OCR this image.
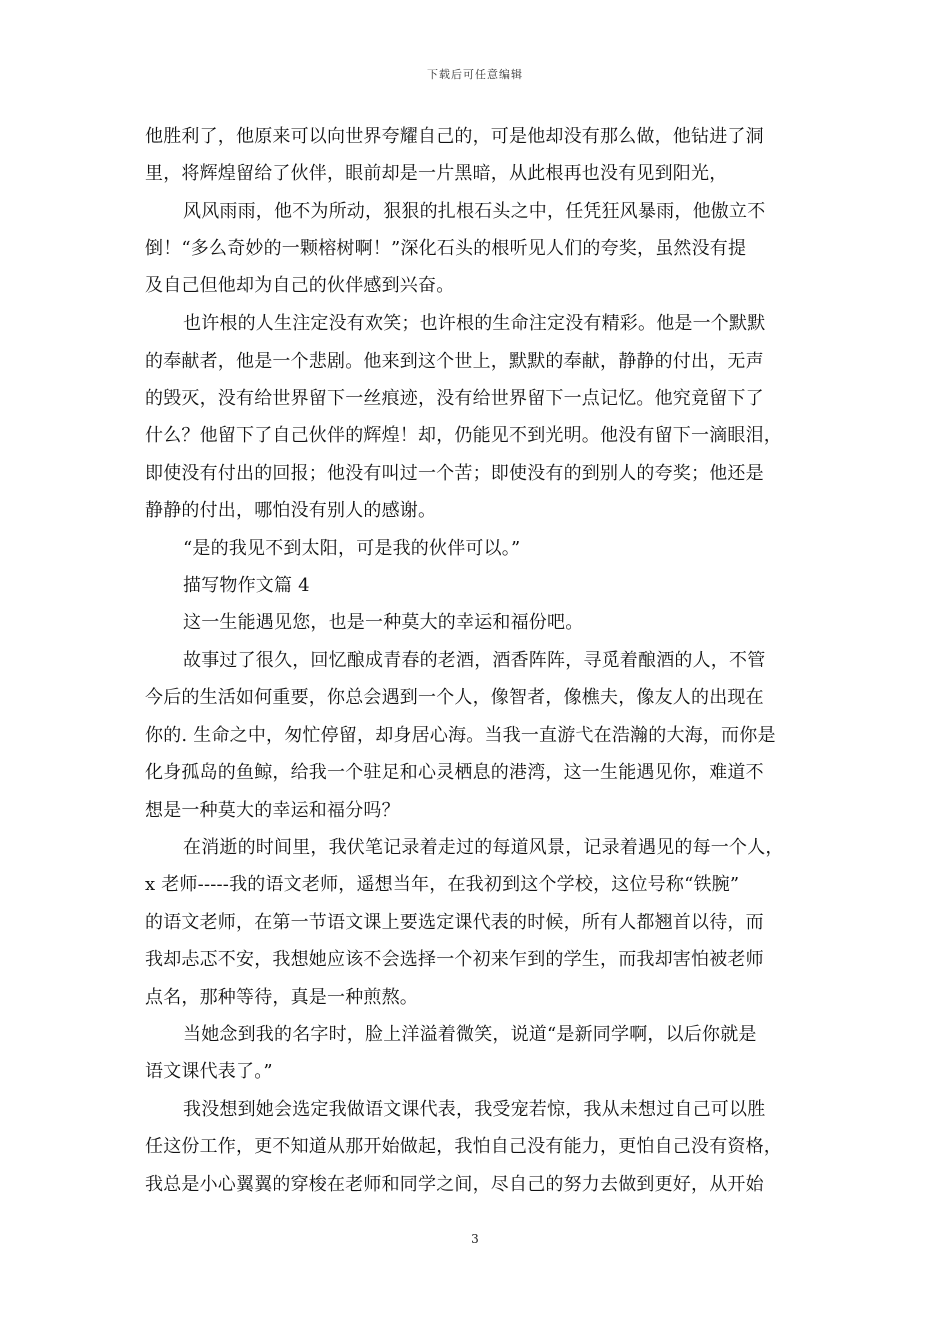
下载后可任意编辑
他胜利了，他原来可以向世界夸耀自己的，可是他却没有那么做，他钻进了洞
里，将辉煌留给了伙伴，眼前却是一片黑暗，从此根再也没有见到阳光，
风风雨雨，他不为所动，狠狠的扎根石头之中，任凭狂风暴雨，他傲立不
倒！“多么奇妙的一颗榕树啊！”深化石头的根听见人们的夸奖，虽然没有提
及自己但他却为自己的伙伴感到兴奋。
也许根的人生注定没有欢笑；也许根的生命注定没有精彩。他是一个默默
的奉献者，他是一个悲剧。他来到这个世上，默默的奉献，静静的付出，无声
的毁灭，没有给世界留下一丝痕迹，没有给世界留下一点记忆。他究竟留下了
什么？他留下了自己伙伴的辉煌！却，仍能见不到光明。他没有留下一滴眼泪，
即使没有付出的回报；他没有叫过一个苦；即使没有的到别人的夸奖；他还是
静静的付出，哪怕没有别人的感谢。
“是的我见不到太阳，可是我的伙伴可以。”
描写物作文篇 4
这一生能遇见您，也是一种莫大的幸运和福份吧。
故事过了很久，回忆酿成青春的老酒，酒香阵阵，寻觅着酿酒的人，不管
今后的生活如何重要，你总会遇到一个人，像智者，像樵夫，像友人的出现在
你的. 生命之中，匆忙停留，却身居心海。当我一直游弋在浩瀚的大海，而你是
化身孤岛的鱼鲸，给我一个驻足和心灵栖息的港湾，这一生能遇见你，难道不
想是一种莫大的幸运和福分吗？
在消逝的时间里，我伏笔记录着走过的每道风景，记录着遇见的每一个人，
x 老师-----我的语文老师，遥想当年，在我初到这个学校，这位号称“铁腕”
的语文老师，在第一节语文课上要选定课代表的时候，所有人都翘首以待，而
我却忐忑不安，我想她应该不会选择一个初来乍到的学生，而我却害怕被老师
点名，那种等待，真是一种煎熬。
当她念到我的名字时，脸上洋溢着微笑，说道“是新同学啊，以后你就是
语文课代表了。”
我没想到她会选定我做语文课代表，我受宠若惊，我从未想过自己可以胜
任这份工作，更不知道从那开始做起，我怕自己没有能力，更怕自己没有资格，
我总是小心翼翼的穿梭在老师和同学之间，尽自己的努力去做到更好，从开始
3
